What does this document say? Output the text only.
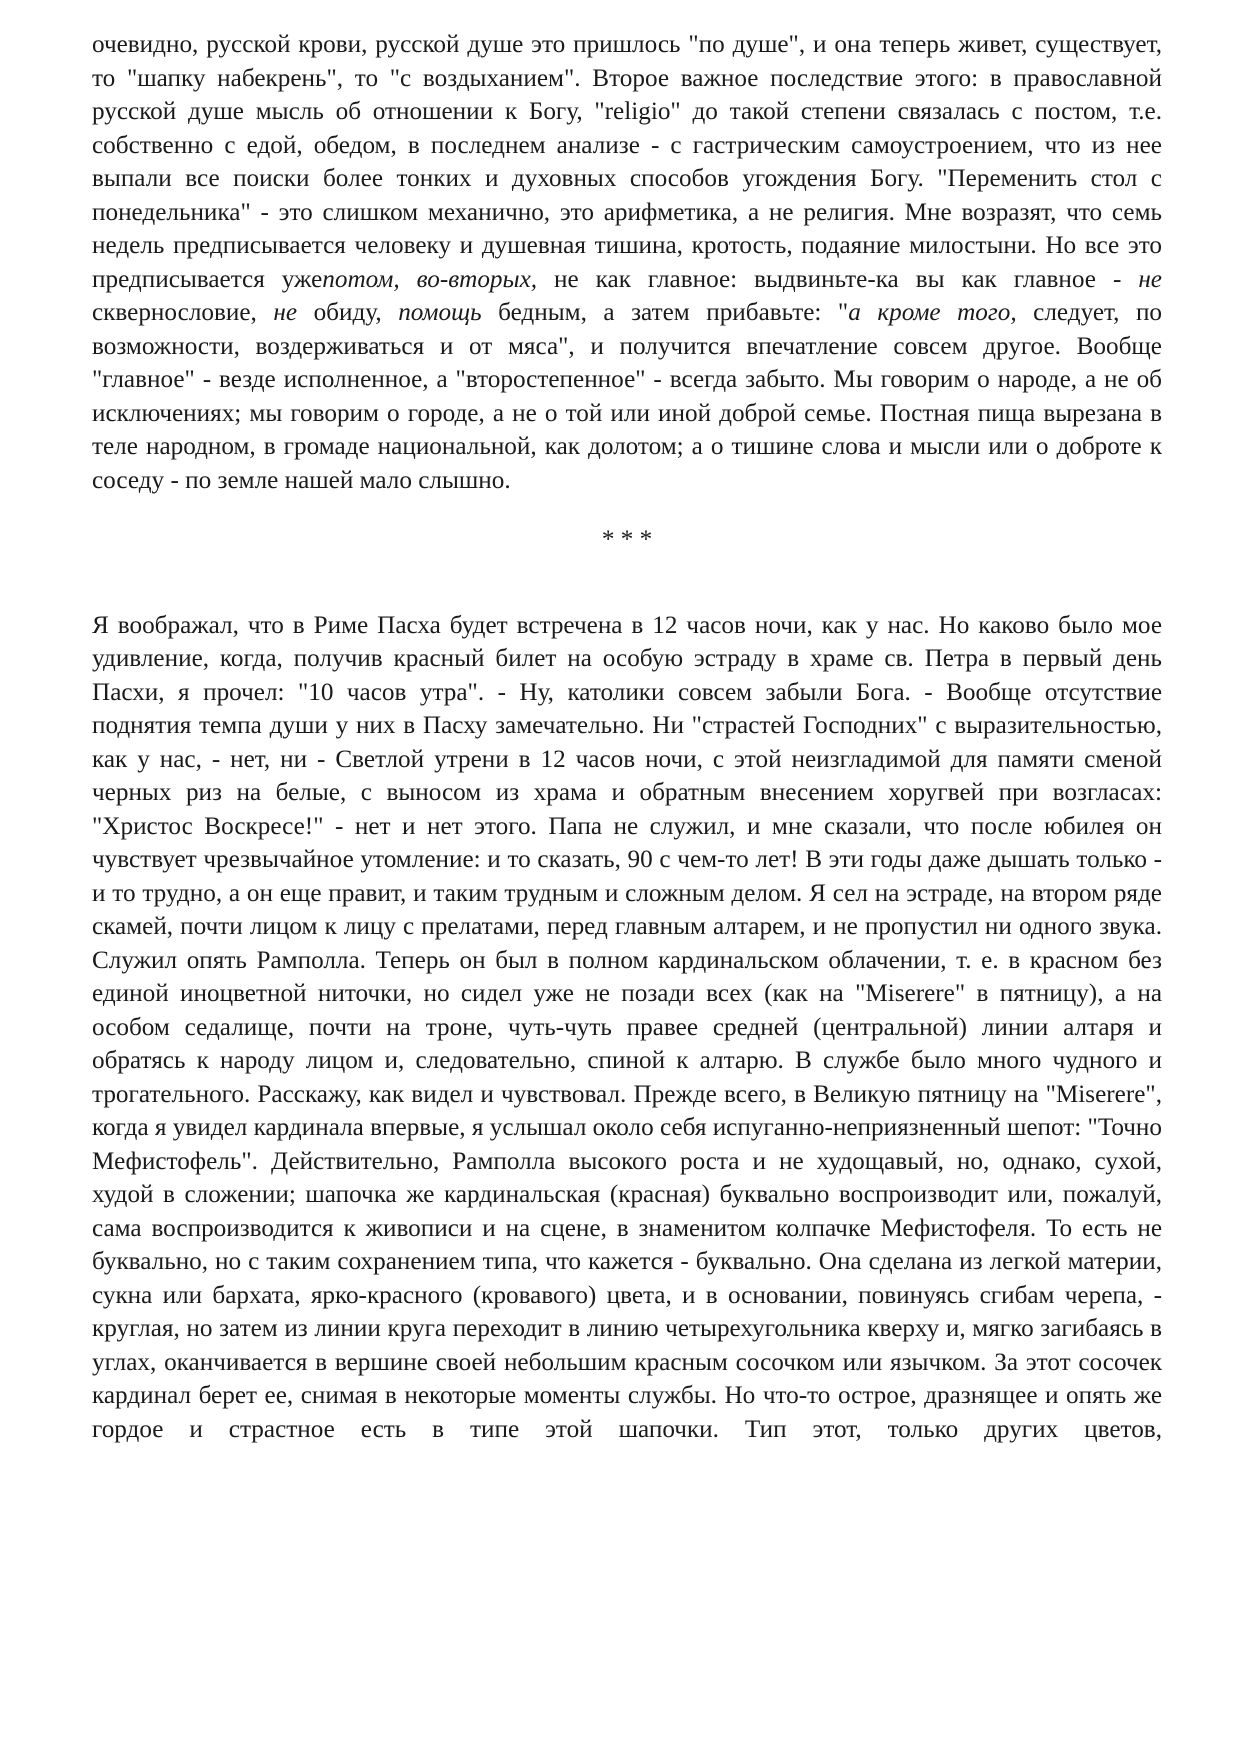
очевидно, русской крови, русской душе это пришлось "по душе", и она теперь живет, существует, то "шапку набекрень", то "с воздыханием". Второе важное последствие этого: в православной русской душе мысль об отношении к Богу, "religio" до такой степени связалась с постом, т.е. собственно с едой, обедом, в последнем анализе - с гастрическим самоустроением, что из нее выпали все поиски более тонких и духовных способов угождения Богу. "Переменить стол с понедельника" - это слишком механично, это арифметика, а не религия. Мне возразят, что семь недель предписывается человеку и душевная тишина, кротость, подаяние милостыни. Но все это предписывается ужепотом, во-вторых, не как главное: выдвиньте-ка вы как главное - не сквернословие, не обиду, помощь бедным, а затем прибавьте: "а кроме того, следует, по возможности, воздерживаться и от мяса", и получится впечатление совсем другое. Вообще "главное" - везде исполненное, а "второстепенное" - всегда забыто. Мы говорим о народе, а не об исключениях; мы говорим о городе, а не о той или иной доброй семье. Постная пища вырезана в теле народном, в громаде национальной, как долотом; а о тишине слова и мысли или о доброте к соседу - по земле нашей мало слышно.

* * *

Я воображал, что в Риме Пасха будет встречена в 12 часов ночи, как у нас. Но каково было мое удивление, когда, получив красный билет на особую эстраду в храме св. Петра в первый день Пасхи, я прочел: "10 часов утра". - Ну, католики совсем забыли Бога. - Вообще отсутствие поднятия темпа души у них в Пасху замечательно. Ни "страстей Господних" с выразительностью, как у нас, - нет, ни - Светлой утрени в 12 часов ночи, с этой неизгладимой для памяти сменой черных риз на белые, с выносом из храма и обратным внесением хоругвей при возгласах: "Христос Воскресе!" - нет и нет этого. Папа не служил, и мне сказали, что после юбилея он чувствует чрезвычайное утомление: и то сказать, 90 с чем-то лет! В эти годы даже дышать только - и то трудно, а он еще правит, и таким трудным и сложным делом. Я сел на эстраде, на втором ряде скамей, почти лицом к лицу с прелатами, перед главным алтарем, и не пропустил ни одного звука. Служил опять Рамполла. Теперь он был в полном кардинальском облачении, т. е. в красном без единой иноцветной ниточки, но сидел уже не позади всех (как на "Miserere" в пятницу), а на особом седалище, почти на троне, чуть-чуть правее средней (центральной) линии алтаря и обратясь к народу лицом и, следовательно, спиной к алтарю. В службе было много чудного и трогательного. Расскажу, как видел и чувствовал. Прежде всего, в Великую пятницу на "Miserere", когда я увидел кардинала впервые, я услышал около себя испуганно-неприязненный шепот: "Точно Мефистофель". Действительно, Рамполла высокого роста и не худощавый, но, однако, сухой, худой в сложении; шапочка же кардинальская (красная) буквально воспроизводит или, пожалуй, сама воспроизводится к живописи и на сцене, в знаменитом колпачке Мефистофеля. То есть не буквально, но с таким сохранением типа, что кажется - буквально. Она сделана из легкой материи, сукна или бархата, ярко-красного (кровавого) цвета, и в основании, повинуясь сгибам черепа, - круглая, но затем из линии круга переходит в линию четырехугольника кверху и, мягко загибаясь в углах, оканчивается в вершине своей небольшим красным сосочком или язычком. За этот сосочек кардинал берет ее, снимая в некоторые моменты службы. Но что-то острое, дразнящее и опять же гордое и страстное есть в типе этой шапочки. Тип этот, только других цветов,
